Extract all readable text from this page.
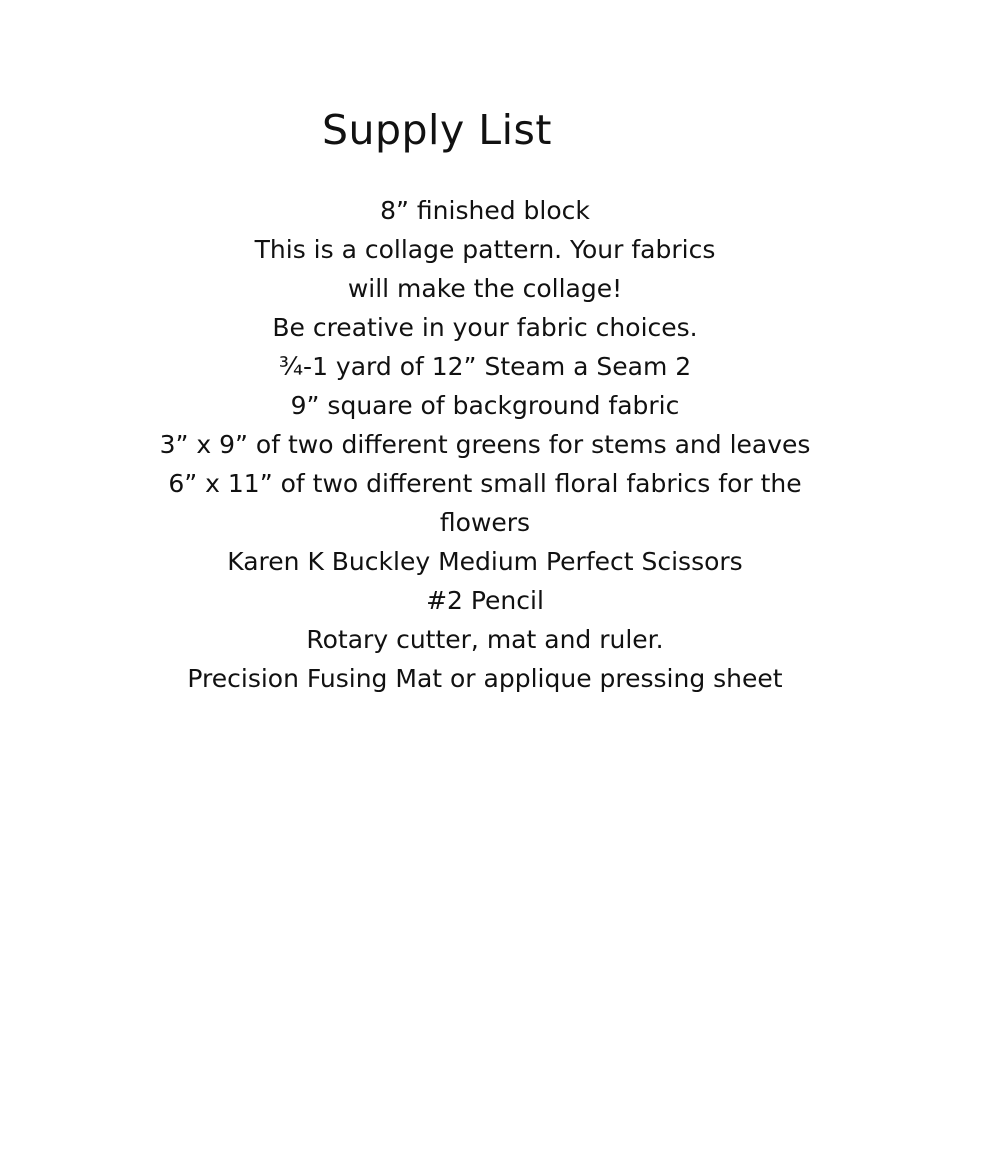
Supply List
8” finished block
This is a collage pattern. Your fabrics
will make the collage!
Be creative in your fabric choices.
¾-1 yard of 12” Steam a Seam 2
9” square of background fabric
3” x 9” of two different greens for stems and leaves
6” x 11” of two different small floral fabrics for the
flowers
Karen K Buckley Medium Perfect Scissors
#2 Pencil
Rotary cutter, mat and ruler.
Precision Fusing Mat or applique pressing sheet
